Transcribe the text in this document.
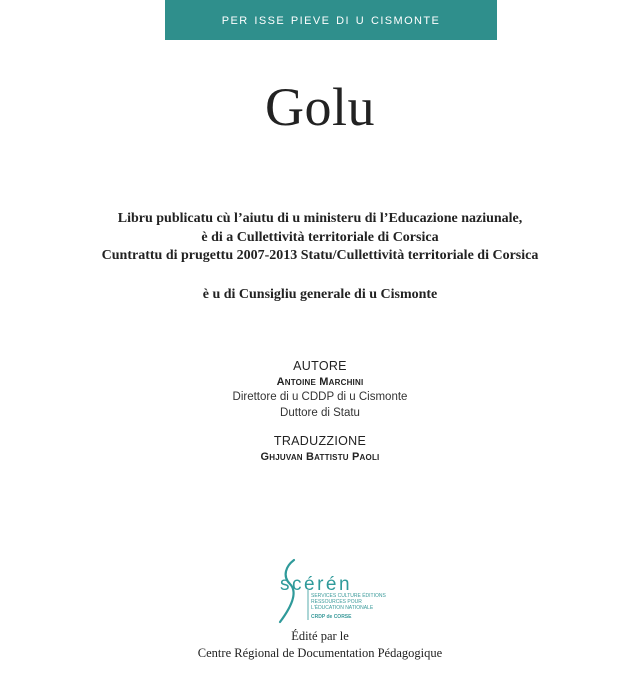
per isse pieve di u cismonte
Golu
Libru publicatu cù l’aiutu di u ministeru di l’Educazione naziunale,
è di a Cullettività territoriale di Corsica
Cuntrattu di prugettu 2007-2013 Statu/Cullettività territoriale di Corsica
è u di Cunsigliu generale di u Cismonte
AUTORE
Antoine Marchini
Direttore di u CDDP di u Cismonte
Duttore di Statu
TRADUZZIONE
Ghjuvan Battistu Paoli
scérén
SERVICES CULTURE ÉDITIONS
RESSOURCES POUR
L'ÉDUCATION NATIONALE
CRDP de CORSE
Édité par le
Centre Régional de Documentation Pédagogique
